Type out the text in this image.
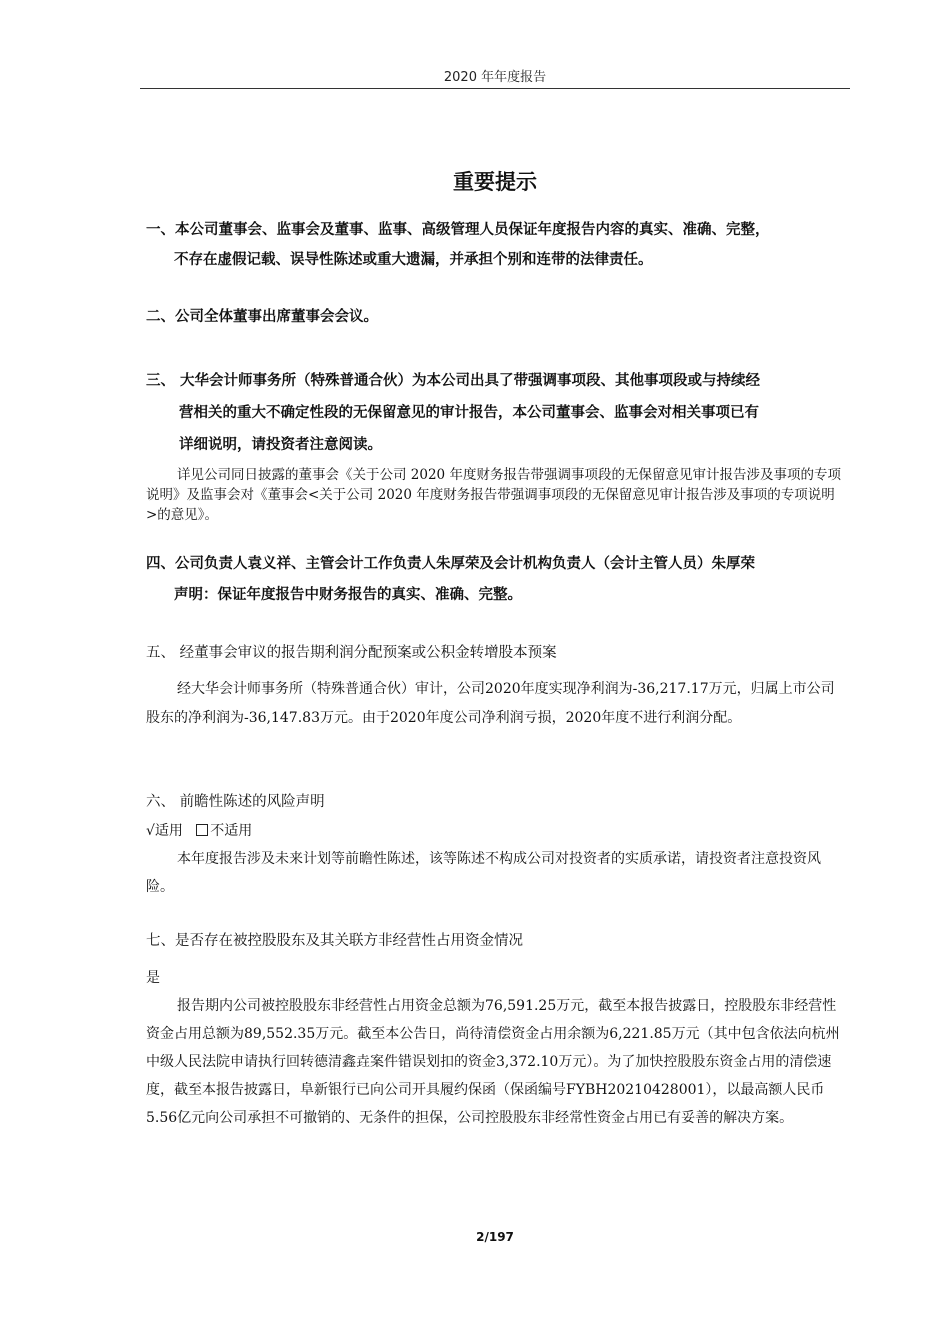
2020 年年度报告
重要提示
一、本公司董事会、监事会及董事、监事、高级管理人员保证年度报告内容的真实、准确、完整，
不存在虚假记载、误导性陈述或重大遗漏，并承担个别和连带的法律责任。
二、公司全体董事出席董事会会议。
三、 大华会计师事务所（特殊普通合伙）为本公司出具了带强调事项段、其他事项段或与持续经
营相关的重大不确定性段的无保留意见的审计报告，本公司董事会、监事会对相关事项已有
详细说明，请投资者注意阅读。
详见公司同日披露的董事会《关于公司 2020 年度财务报告带强调事项段的无保留意见审计报告涉及事项的专项说明》及监事会对《董事会<关于公司 2020 年度财务报告带强调事项段的无保留意见审计报告涉及事项的专项说明>的意见》。
四、公司负责人袁义祥、主管会计工作负责人朱厚荣及会计机构负责人（会计主管人员）朱厚荣
声明：保证年度报告中财务报告的真实、准确、完整。
五、 经董事会审议的报告期利润分配预案或公积金转增股本预案
经大华会计师事务所（特殊普通合伙）审计，公司2020年度实现净利润为-36,217.17万元，归属上市公司股东的净利润为-36,147.83万元。由于2020年度公司净利润亏损，2020年度不进行利润分配。
六、 前瞻性陈述的风险声明
√适用 不适用
本年度报告涉及未来计划等前瞻性陈述，该等陈述不构成公司对投资者的实质承诺，请投资者注意投资风险。
七、是否存在被控股股东及其关联方非经营性占用资金情况
是
报告期内公司被控股股东非经营性占用资金总额为76,591.25万元，截至本报告披露日，控股股东非经营性资金占用总额为89,552.35万元。截至本公告日，尚待清偿资金占用余额为6,221.85万元（其中包含依法向杭州中级人民法院申请执行回转德清鑫垚案件错误划扣的资金3,372.10万元）。为了加快控股股东资金占用的清偿速度，截至本报告披露日，阜新银行已向公司开具履约保函（保函编号FYBH20210428001），以最高额人民币5.56亿元向公司承担不可撤销的、无条件的担保，公司控股股东非经常性资金占用已有妥善的解决方案。
2/197
